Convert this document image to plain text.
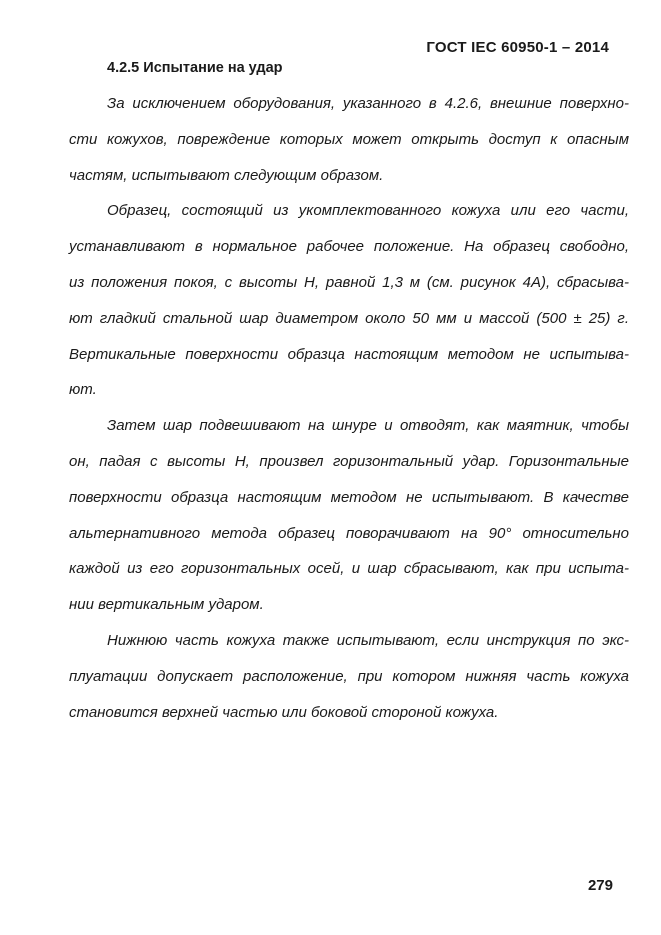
ГОСТ IEC 60950-1 – 2014
4.2.5 Испытание на удар

За исключением оборудования, указанного в 4.2.6, внешние поверхно-
сти кожухов, повреждение которых может открыть доступ к опасным
частям, испытывают следующим образом.

Образец, состоящий из укомплектованного кожуха или его части,
устанавливают в нормальное рабочее положение. На образец свободно,
из положения покоя, с высоты H, равной 1,3 м (см. рисунок 4А), сбрасыва-
ют гладкий стальной шар диаметром около 50 мм и массой (500 ± 25) г.
Вертикальные поверхности образца настоящим методом не испытыва-
ют.

Затем шар подвешивают на шнуре и отводят, как маятник, чтобы
он, падая с высоты H, произвел горизонтальный удар. Горизонтальные
поверхности образца настоящим методом не испытывают. В качестве
альтернативного метода образец поворачивают на 90° относительно
каждой из его горизонтальных осей, и шар сбрасывают, как при испыта-
нии вертикальным ударом.

Нижнюю часть кожуха также испытывают, если инструкция по экс-
плуатации допускает расположение, при котором нижняя часть кожуха
становится верхней частью или боковой стороной кожуха.

279
